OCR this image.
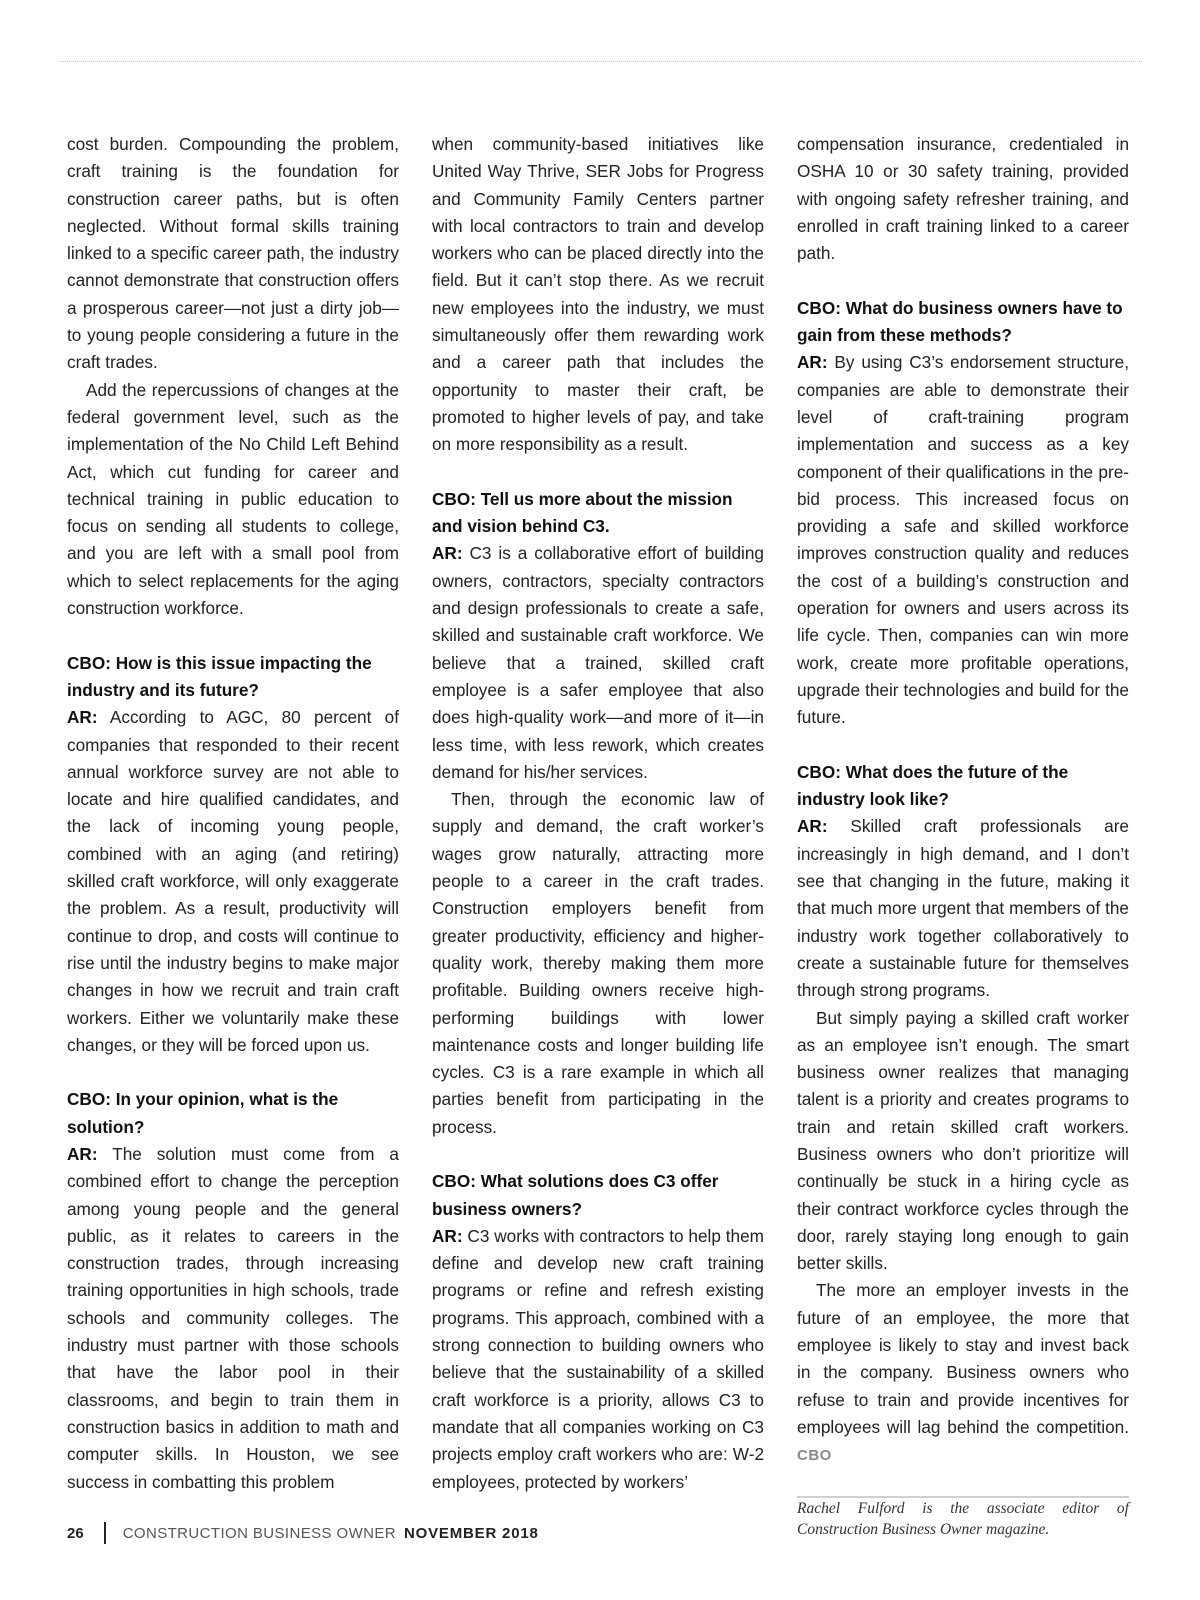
cost burden. Compounding the problem, craft training is the foundation for construction career paths, but is often neglected. Without formal skills training linked to a specific career path, the industry cannot demonstrate that construction offers a prosperous career—not just a dirty job—to young people considering a future in the craft trades.

Add the repercussions of changes at the federal government level, such as the implementation of the No Child Left Behind Act, which cut funding for career and technical training in public education to focus on sending all students to college, and you are left with a small pool from which to select replacements for the aging construction workforce.

CBO: How is this issue impacting the industry and its future?

AR: According to AGC, 80 percent of companies that responded to their recent annual workforce survey are not able to locate and hire qualified candidates, and the lack of incoming young people, combined with an aging (and retiring) skilled craft workforce, will only exaggerate the problem. As a result, productivity will continue to drop, and costs will continue to rise until the industry begins to make major changes in how we recruit and train craft workers. Either we voluntarily make these changes, or they will be forced upon us.

CBO: In your opinion, what is the solution?

AR: The solution must come from a combined effort to change the perception among young people and the general public, as it relates to careers in the construction trades, through increasing training opportunities in high schools, trade schools and community colleges. The industry must partner with those schools that have the labor pool in their classrooms, and begin to train them in construction basics in addition to math and computer skills. In Houston, we see success in combatting this problem

when community-based initiatives like United Way Thrive, SER Jobs for Progress and Community Family Centers partner with local contractors to train and develop workers who can be placed directly into the field. But it can’t stop there. As we recruit new employees into the industry, we must simultaneously offer them rewarding work and a career path that includes the opportunity to master their craft, be promoted to higher levels of pay, and take on more responsibility as a result.

CBO: Tell us more about the mission and vision behind C3.

AR: C3 is a collaborative effort of building owners, contractors, specialty contractors and design professionals to create a safe, skilled and sustainable craft workforce. We believe that a trained, skilled craft employee is a safer employee that also does high-quality work—and more of it—in less time, with less rework, which creates demand for his/her services.

Then, through the economic law of supply and demand, the craft worker’s wages grow naturally, attracting more people to a career in the craft trades. Construction employers benefit from greater productivity, efficiency and higher-quality work, thereby making them more profitable. Building owners receive high-performing buildings with lower maintenance costs and longer building life cycles. C3 is a rare example in which all parties benefit from participating in the process.

CBO: What solutions does C3 offer business owners?

AR: C3 works with contractors to help them define and develop new craft training programs or refine and refresh existing programs. This approach, combined with a strong connection to building owners who believe that the sustainability of a skilled craft workforce is a priority, allows C3 to mandate that all companies working on C3 projects employ craft workers who are: W-2 employees, protected by workers’

compensation insurance, credentialed in OSHA 10 or 30 safety training, provided with ongoing safety refresher training, and enrolled in craft training linked to a career path.

CBO: What do business owners have to gain from these methods?

AR: By using C3’s endorsement structure, companies are able to demonstrate their level of craft-training program implementation and success as a key component of their qualifications in the pre-bid process. This increased focus on providing a safe and skilled workforce improves construction quality and reduces the cost of a building’s construction and operation for owners and users across its life cycle. Then, companies can win more work, create more profitable operations, upgrade their technologies and build for the future.

CBO: What does the future of the industry look like?

AR: Skilled craft professionals are increasingly in high demand, and I don’t see that changing in the future, making it that much more urgent that members of the industry work together collaboratively to create a sustainable future for themselves through strong programs.

But simply paying a skilled craft worker as an employee isn’t enough. The smart business owner realizes that managing talent is a priority and creates programs to train and retain skilled craft workers. Business owners who don’t prioritize will continually be stuck in a hiring cycle as their contract workforce cycles through the door, rarely staying long enough to gain better skills.

The more an employer invests in the future of an employee, the more that employee is likely to stay and invest back in the company. Business owners who refuse to train and provide incentives for employees will lag behind the competition. CBO

Rachel Fulford is the associate editor of Construction Business Owner magazine.

26	CONSTRUCTION BUSINESS OWNER NOVEMBER 2018
